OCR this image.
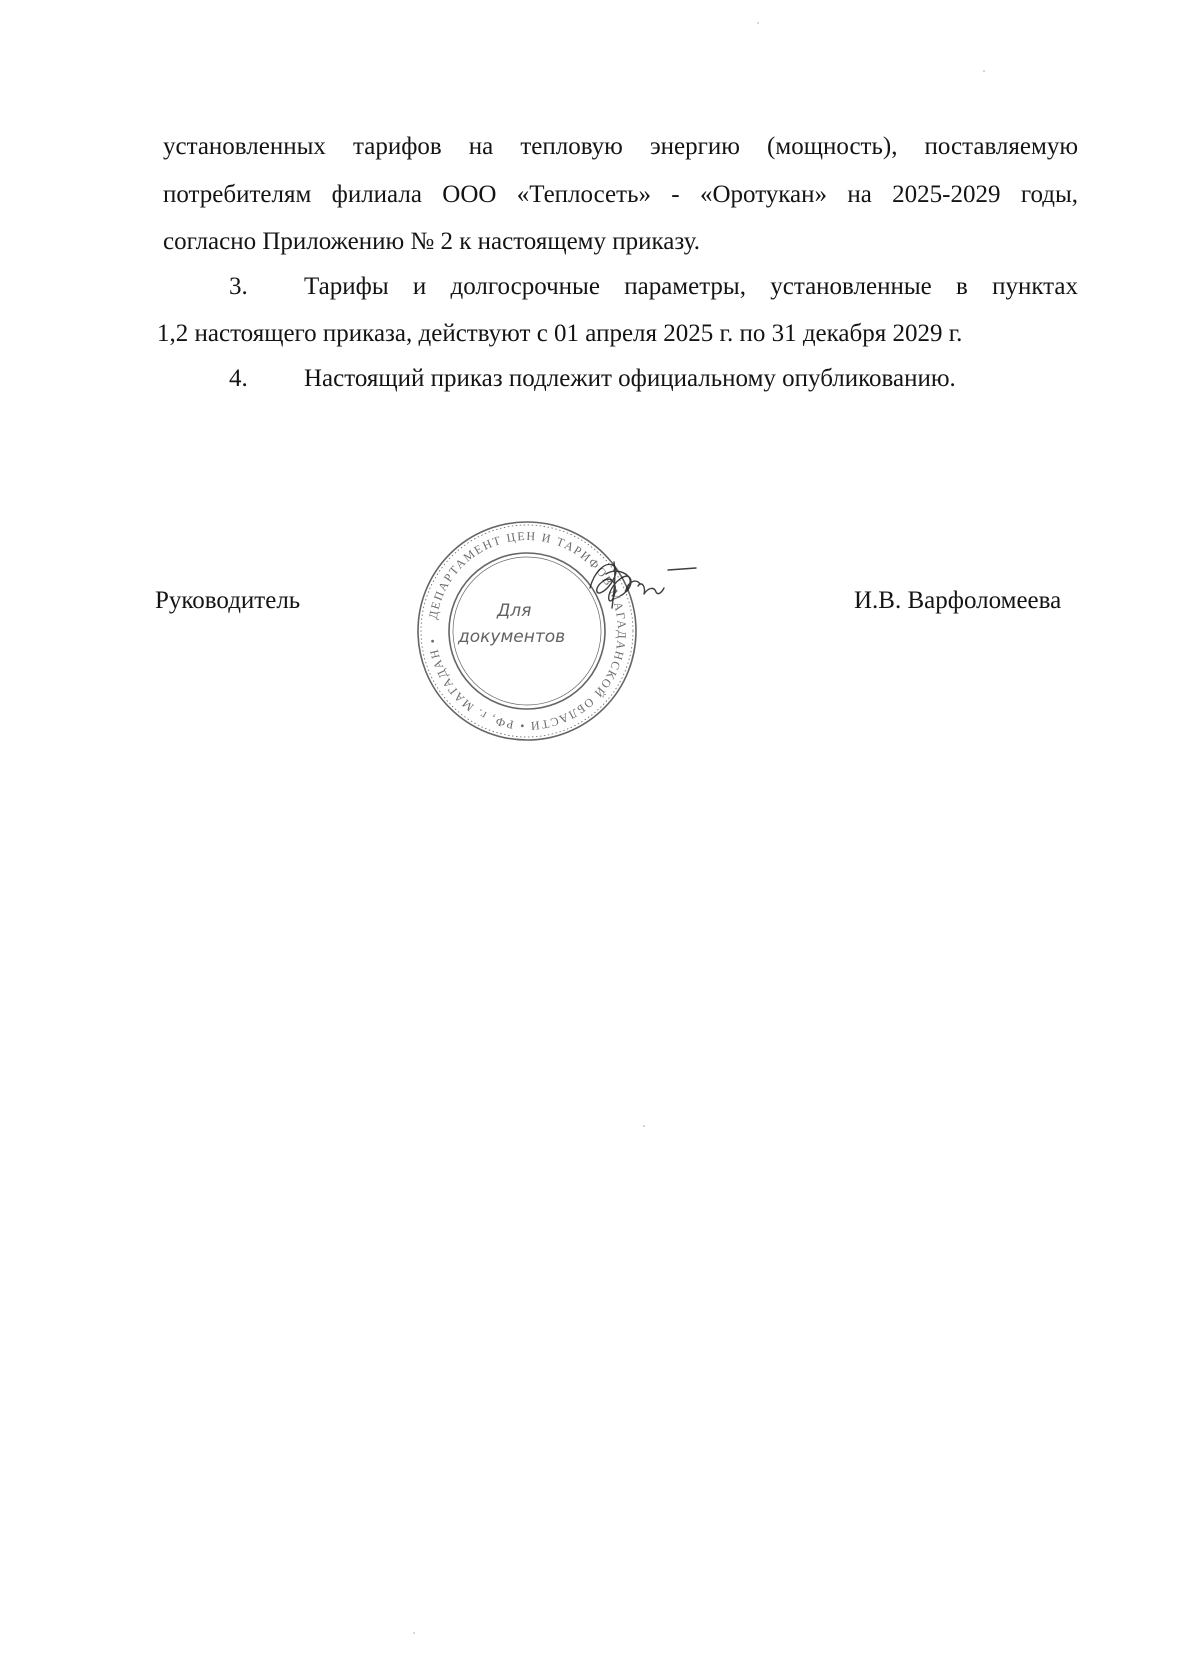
установленных тарифов на тепловую энергию (мощность), поставляемую
потребителям филиала ООО «Теплосеть» - «Оротукан» на 2025-2029 годы,
согласно Приложению № 2 к настоящему приказу.
3.	Тарифы и долгосрочные параметры, установленные в пунктах
1,2 настоящего приказа, действуют с 01 апреля 2025 г. по 31 декабря 2029 г.
4.	Настоящий приказ подлежит официальному опубликованию.
Руководитель	И.В. Варфоломеева
ДЕПАРТАМЕНТ ЦЕН И ТАРИФОВ МАГАДАНСКОЙ ОБЛАСТИ • РФ, г. МАГАДАН •
Для
документов
